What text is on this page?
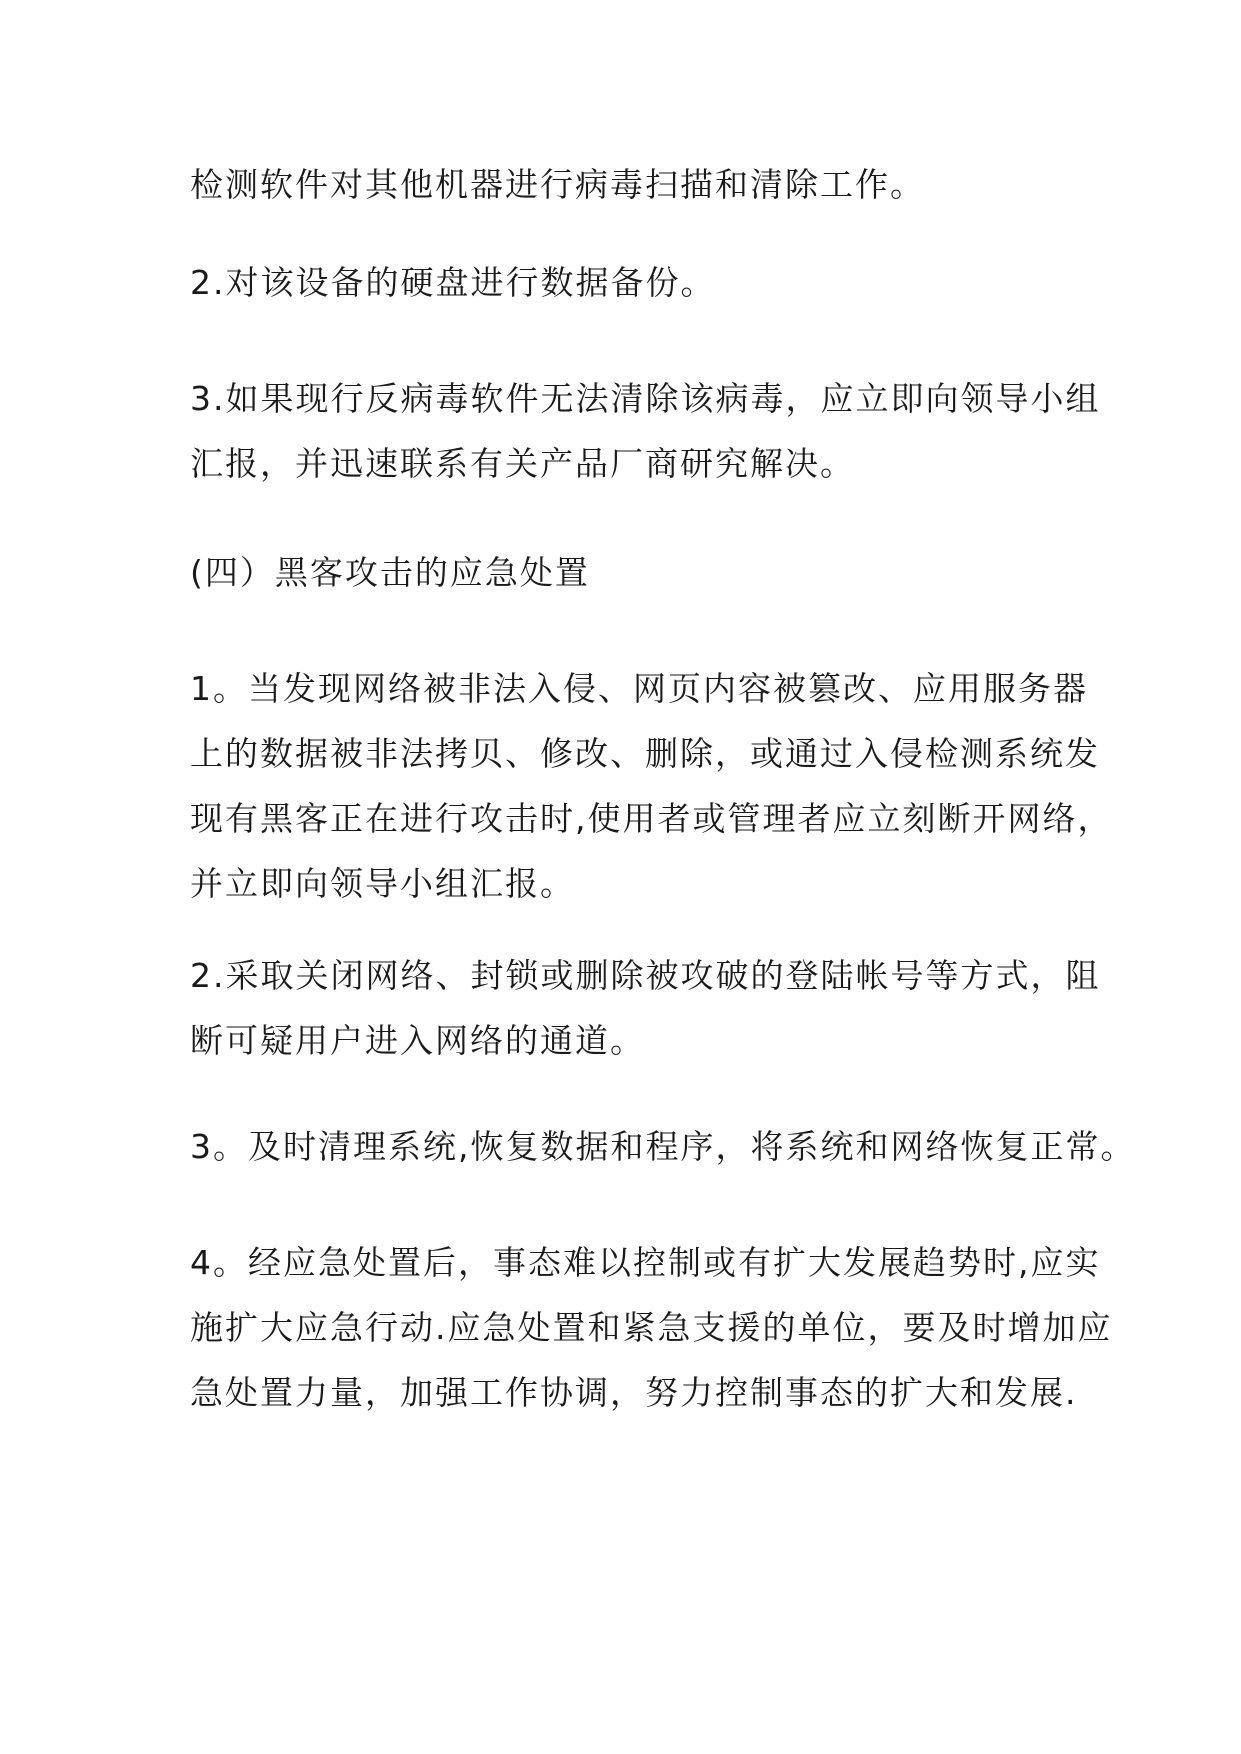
检测软件对其他机器进行病毒扫描和清除工作。

2.对该设备的硬盘进行数据备份。

3.如果现行反病毒软件无法清除该病毒，应立即向领导小组
汇报，并迅速联系有关产品厂商研究解决。

(四）黑客攻击的应急处置

1。当发现网络被非法入侵、网页内容被篡改、应用服务器
上的数据被非法拷贝、修改、删除，或通过入侵检测系统发
现有黑客正在进行攻击时,使用者或管理者应立刻断开网络，
并立即向领导小组汇报。

2.采取关闭网络、封锁或删除被攻破的登陆帐号等方式，阻
断可疑用户进入网络的通道。

3。及时清理系统,恢复数据和程序，将系统和网络恢复正常。

4。经应急处置后，事态难以控制或有扩大发展趋势时,应实
施扩大应急行动.应急处置和紧急支援的单位，要及时增加应
急处置力量，加强工作协调，努力控制事态的扩大和发展.
